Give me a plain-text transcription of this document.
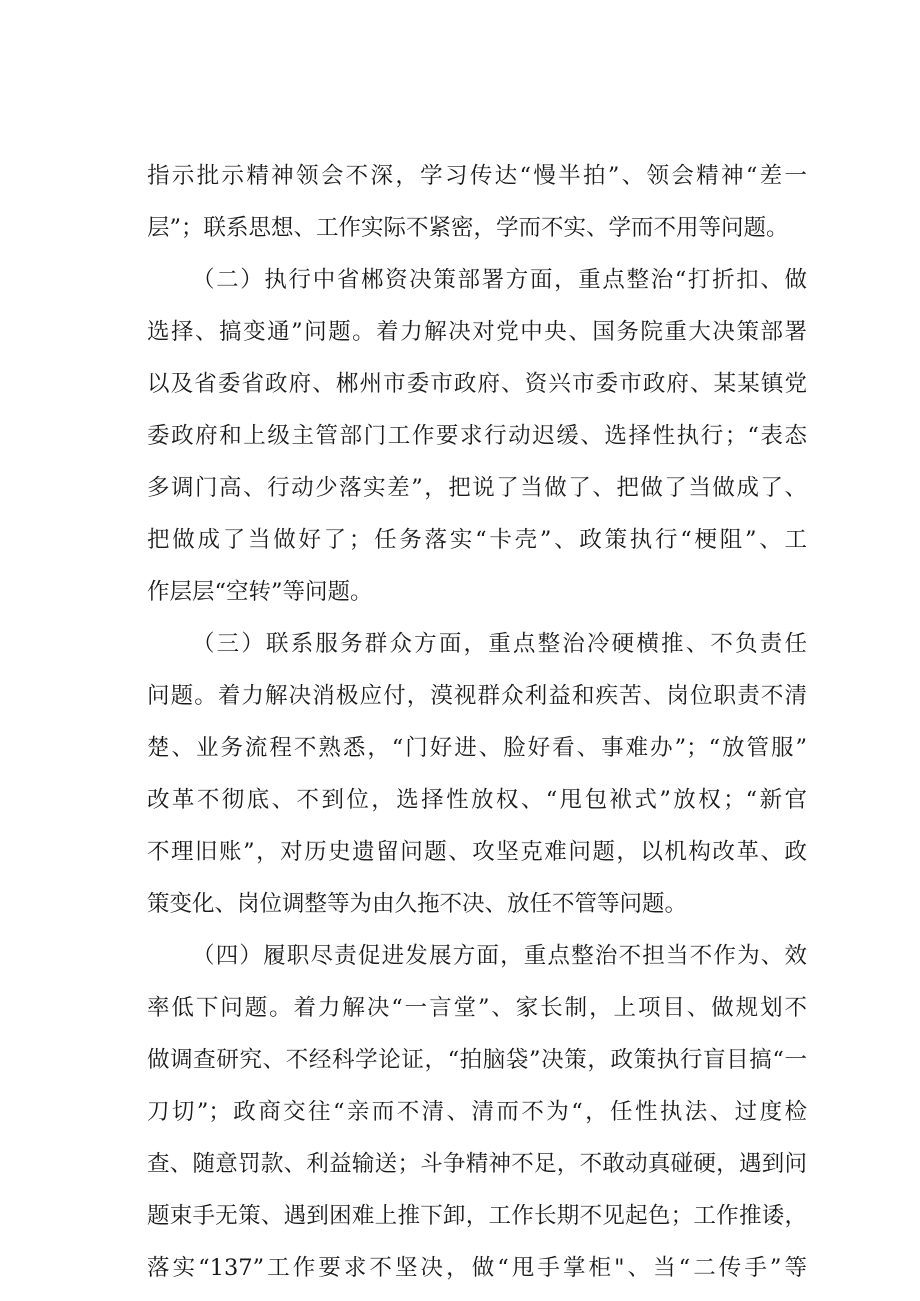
指示批示精神领会不深，学习传达“慢半拍”、领会精神“差一
层”；联系思想、工作实际不紧密，学而不实、学而不用等问题。
（二）执行中省郴资决策部署方面，重点整治“打折扣、做
选择、搞变通”问题。着力解决对党中央、国务院重大决策部署
以及省委省政府、郴州市委市政府、资兴市委市政府、某某镇党
委政府和上级主管部门工作要求行动迟缓、选择性执行；“表态
多调门高、行动少落实差”，把说了当做了、把做了当做成了、
把做成了当做好了；任务落实“卡壳”、政策执行“梗阻”、工
作层层“空转”等问题。
（三）联系服务群众方面，重点整治冷硬横推、不负责任
问题。着力解决消极应付，漠视群众利益和疾苦、岗位职责不清
楚、业务流程不熟悉，“门好进、脸好看、事难办”；“放管服”
改革不彻底、不到位，选择性放权、“甩包袱式”放权；“新官
不理旧账”，对历史遗留问题、攻坚克难问题，以机构改革、政
策变化、岗位调整等为由久拖不决、放任不管等问题。
（四）履职尽责促进发展方面，重点整治不担当不作为、效
率低下问题。着力解决“一言堂”、家长制，上项目、做规划不
做调查研究、不经科学论证，“拍脑袋”决策，政策执行盲目搞“一
刀切”；政商交往“亲而不清、清而不为“，任性执法、过度检
查、随意罚款、利益输送；斗争精神不足，不敢动真碰硬，遇到问
题束手无策、遇到困难上推下卸，工作长期不见起色；工作推诿，
落实“137”工作要求不坚决，做“甩手掌柜"、当“二传手”等
